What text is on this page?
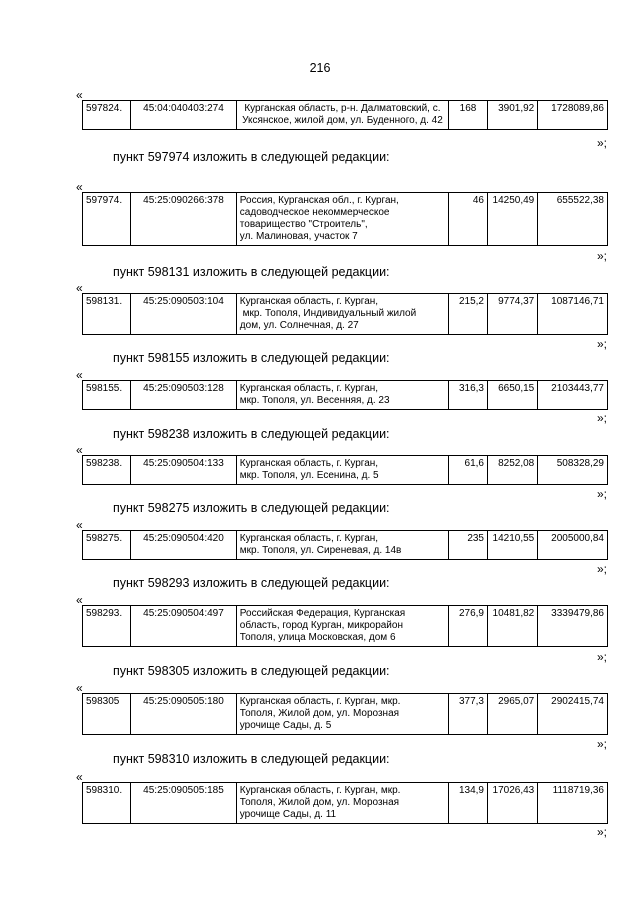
216
«
597824.	45:04:040403:274	Курганская область, р-н. Далматовский, с.
Уксянское, жилой дом, ул. Буденного, д. 42
	168	3901,92	1728089,86
»;
пункт 597974 изложить в следующей редакции:
«
597974.	45:25:090266:378	Россия, Курганская обл., г. Курган,
садоводческое некоммерческое
товарищество "Строитель",
ул. Малиновая, участок 7
	46	14250,49	655522,38
»;
пункт 598131 изложить в следующей редакции:
«
598131.	45:25:090503:104	Курганская область, г. Курган,
мкр. Тополя, Индивидуальный жилой
дом, ул. Солнечная, д. 27
	215,2	9774,37	1087146,71
»;
пункт 598155 изложить в следующей редакции:
«
598155.	45:25:090503:128	Курганская область, г. Курган,
мкр. Тополя, ул. Весенняя, д. 23
	316,3	6650,15	2103443,77
»;
пункт 598238 изложить в следующей редакции:
«
598238.	45:25:090504:133	Курганская область, г. Курган,
мкр. Тополя, ул. Есенина, д. 5
	61,6	8252,08	508328,29
»;
пункт 598275 изложить в следующей редакции:
«
598275.	45:25:090504:420	Курганская область, г. Курган,
мкр. Тополя, ул. Сиреневая, д. 14в
	235	14210,55	2005000,84
»;
пункт 598293 изложить в следующей редакции:
«
598293.	45:25:090504:497	Российская Федерация, Курганская
область, город Курган, микрорайон
Тополя, улица Московская, дом 6
	276,9	10481,82	3339479,86
»;
пункт 598305 изложить в следующей редакции:
«
598305	45:25:090505:180	Курганская область, г. Курган, мкр.
Тополя, Жилой дом, ул. Морозная
урочище Сады, д. 5
	377,3	2965,07	2902415,74
»;
пункт 598310 изложить в следующей редакции:
«
598310.	45:25:090505:185	Курганская область, г. Курган, мкр.
Тополя, Жилой дом, ул. Морозная
урочище Сады, д. 11
	134,9	17026,43	1118719,36
»;
